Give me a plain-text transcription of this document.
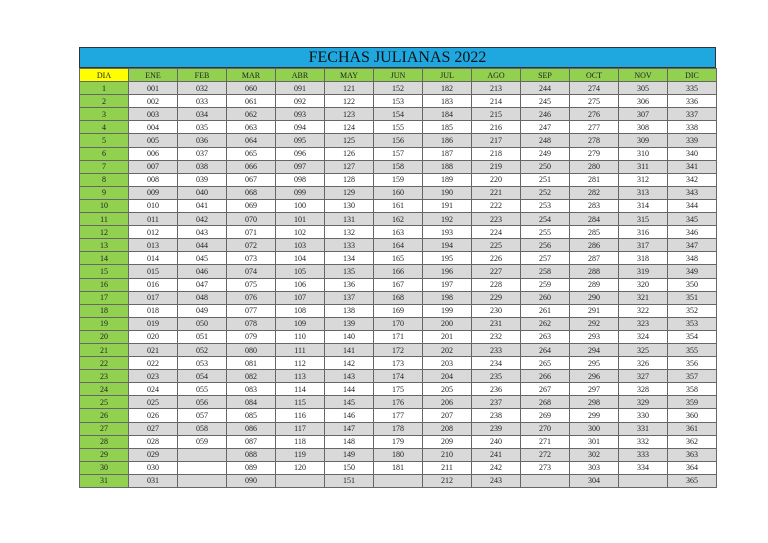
FECHAS JULIANAS 2022
DIA	ENE	FEB	MAR	ABR	MAY	JUN	JUL	AGO	SEP	OCT	NOV	DIC
1	001	032	060	091	121	152	182	213	244	274	305	335
2	002	033	061	092	122	153	183	214	245	275	306	336
3	003	034	062	093	123	154	184	215	246	276	307	337
4	004	035	063	094	124	155	185	216	247	277	308	338
5	005	036	064	095	125	156	186	217	248	278	309	339
6	006	037	065	096	126	157	187	218	249	279	310	340
7	007	038	066	097	127	158	188	219	250	280	311	341
8	008	039	067	098	128	159	189	220	251	281	312	342
9	009	040	068	099	129	160	190	221	252	282	313	343
10	010	041	069	100	130	161	191	222	253	283	314	344
11	011	042	070	101	131	162	192	223	254	284	315	345
12	012	043	071	102	132	163	193	224	255	285	316	346
13	013	044	072	103	133	164	194	225	256	286	317	347
14	014	045	073	104	134	165	195	226	257	287	318	348
15	015	046	074	105	135	166	196	227	258	288	319	349
16	016	047	075	106	136	167	197	228	259	289	320	350
17	017	048	076	107	137	168	198	229	260	290	321	351
18	018	049	077	108	138	169	199	230	261	291	322	352
19	019	050	078	109	139	170	200	231	262	292	323	353
20	020	051	079	110	140	171	201	232	263	293	324	354
21	021	052	080	111	141	172	202	233	264	294	325	355
22	022	053	081	112	142	173	203	234	265	295	326	356
23	023	054	082	113	143	174	204	235	266	296	327	357
24	024	055	083	114	144	175	205	236	267	297	328	358
25	025	056	084	115	145	176	206	237	268	298	329	359
26	026	057	085	116	146	177	207	238	269	299	330	360
27	027	058	086	117	147	178	208	239	270	300	331	361
28	028	059	087	118	148	179	209	240	271	301	332	362
29	029		088	119	149	180	210	241	272	302	333	363
30	030		089	120	150	181	211	242	273	303	334	364
31	031		090		151		212	243		304		365
